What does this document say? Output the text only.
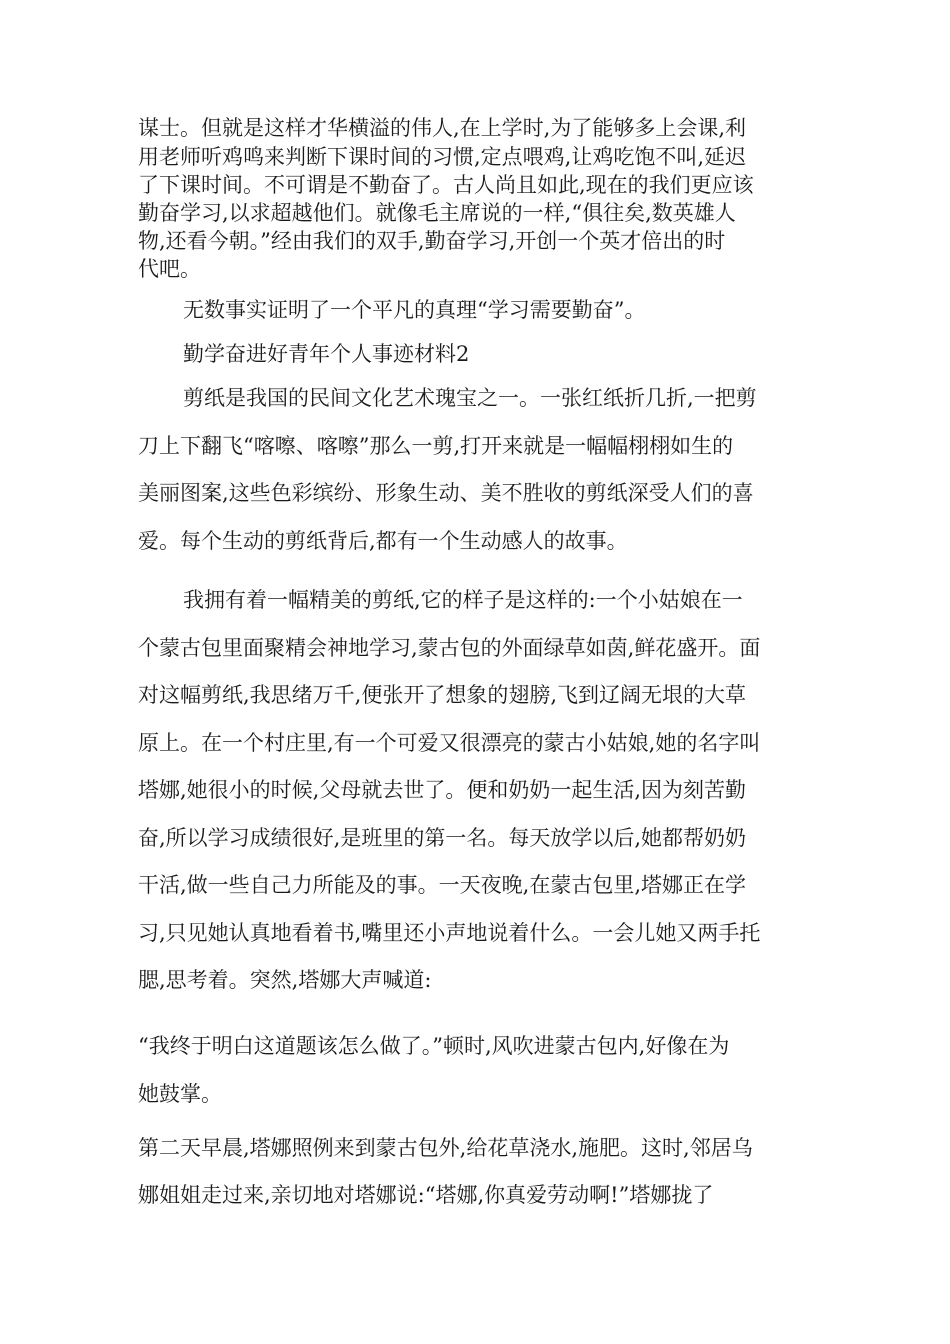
谋士。但就是这样才华横溢的伟人,在上学时,为了能够多上会课,利
用老师听鸡鸣来判断下课时间的习惯,定点喂鸡,让鸡吃饱不叫,延迟
了下课时间。不可谓是不勤奋了。古人尚且如此,现在的我们更应该
勤奋学习,以求超越他们。就像毛主席说的一样,“俱往矣,数英雄人
物,还看今朝。”经由我们的双手,勤奋学习,开创一个英才倍出的时
代吧。
无数事实证明了一个平凡的真理“学习需要勤奋”。
勤学奋进好青年个人事迹材料2
剪纸是我国的民间文化艺术瑰宝之一。一张红纸折几折,一把剪
刀上下翻飞“喀嚓、喀嚓”那么一剪,打开来就是一幅幅栩栩如生的
美丽图案,这些色彩缤纷、形象生动、美不胜收的剪纸深受人们的喜
爱。每个生动的剪纸背后,都有一个生动感人的故事。
我拥有着一幅精美的剪纸,它的样子是这样的:一个小姑娘在一
个蒙古包里面聚精会神地学习,蒙古包的外面绿草如茵,鲜花盛开。面
对这幅剪纸,我思绪万千,便张开了想象的翅膀,飞到辽阔无垠的大草
原上。在一个村庄里,有一个可爱又很漂亮的蒙古小姑娘,她的名字叫
塔娜,她很小的时候,父母就去世了。便和奶奶一起生活,因为刻苦勤
奋,所以学习成绩很好,是班里的第一名。每天放学以后,她都帮奶奶
干活,做一些自己力所能及的事。一天夜晚,在蒙古包里,塔娜正在学
习,只见她认真地看着书,嘴里还小声地说着什么。一会儿她又两手托
腮,思考着。突然,塔娜大声喊道:
“我终于明白这道题该怎么做了。”顿时,风吹进蒙古包内,好像在为
她鼓掌。
第二天早晨,塔娜照例来到蒙古包外,给花草浇水,施肥。这时,邻居乌
娜姐姐走过来,亲切地对塔娜说:“塔娜,你真爱劳动啊!”塔娜拢了
